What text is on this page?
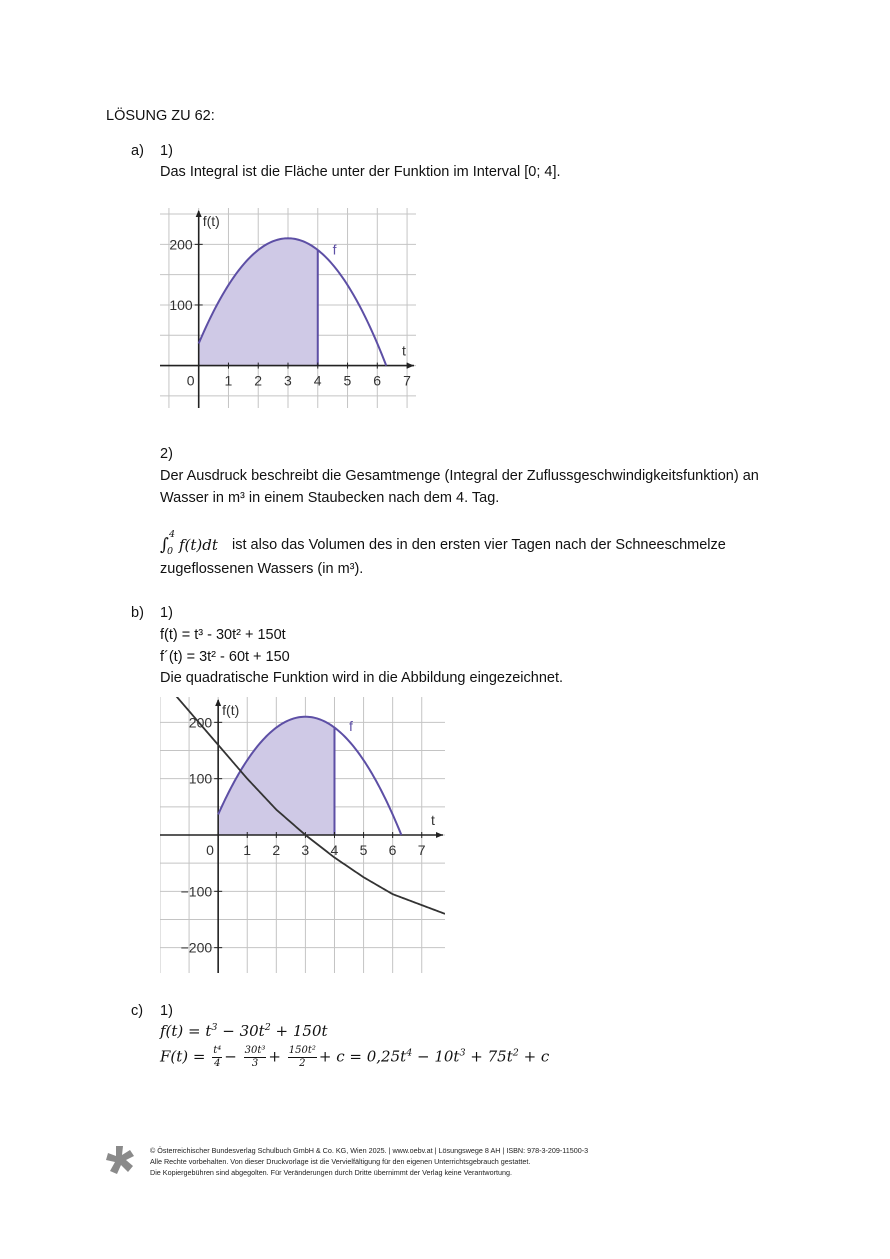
LÖSUNG ZU 62:
a) 1)
Das Integral ist die Fläche unter der Funktion im Interval [0; 4].
0 1 2 3 4 5 6 7
100
200
f(t)
t
f
2)
Der Ausdruck beschreibt die Gesamtmenge (Integral der Zuflussgeschwindigkeitsfunktion) an
Wasser in m³ in einem Staubecken nach dem 4. Tag.
∫
4
0 f(t)dt ist also das Volumen des in den ersten vier Tagen nach der Schneeschmelze
zugeflossenen Wassers (in m³).
b) 1)
f(t) = t³ - 30t² + 150t
f´(t) = 3t² - 60t + 150
Die quadratische Funktion wird in die Abbildung eingezeichnet.
0 1 2 3 4 5 6 7
200
100
−100
−200
f(t)
t
f
c) 1)
$f(t) = t^3 - 30t^2 + 150t$
$F(t) = \frac{\text{t⁴}}{4} - \frac{\text{30t³}}{3} + \frac{\text{150t²}}{2} + c = 0,25t^4 - 10t^3 + 75t^2 + c$
© Österreichischer Bundesverlag Schulbuch GmbH & Co. KG, Wien 2025. | www.oebv.at | Lösungswege 8 AH | ISBN: 978-3-209-11500-3
Alle Rechte vorbehalten. Von dieser Druckvorlage ist die Vervielfältigung für den eigenen Unterrichtsgebrauch gestattet.
Die Kopiergebühren sind abgegolten. Für Veränderungen durch Dritte übernimmt der Verlag keine Verantwortung.
